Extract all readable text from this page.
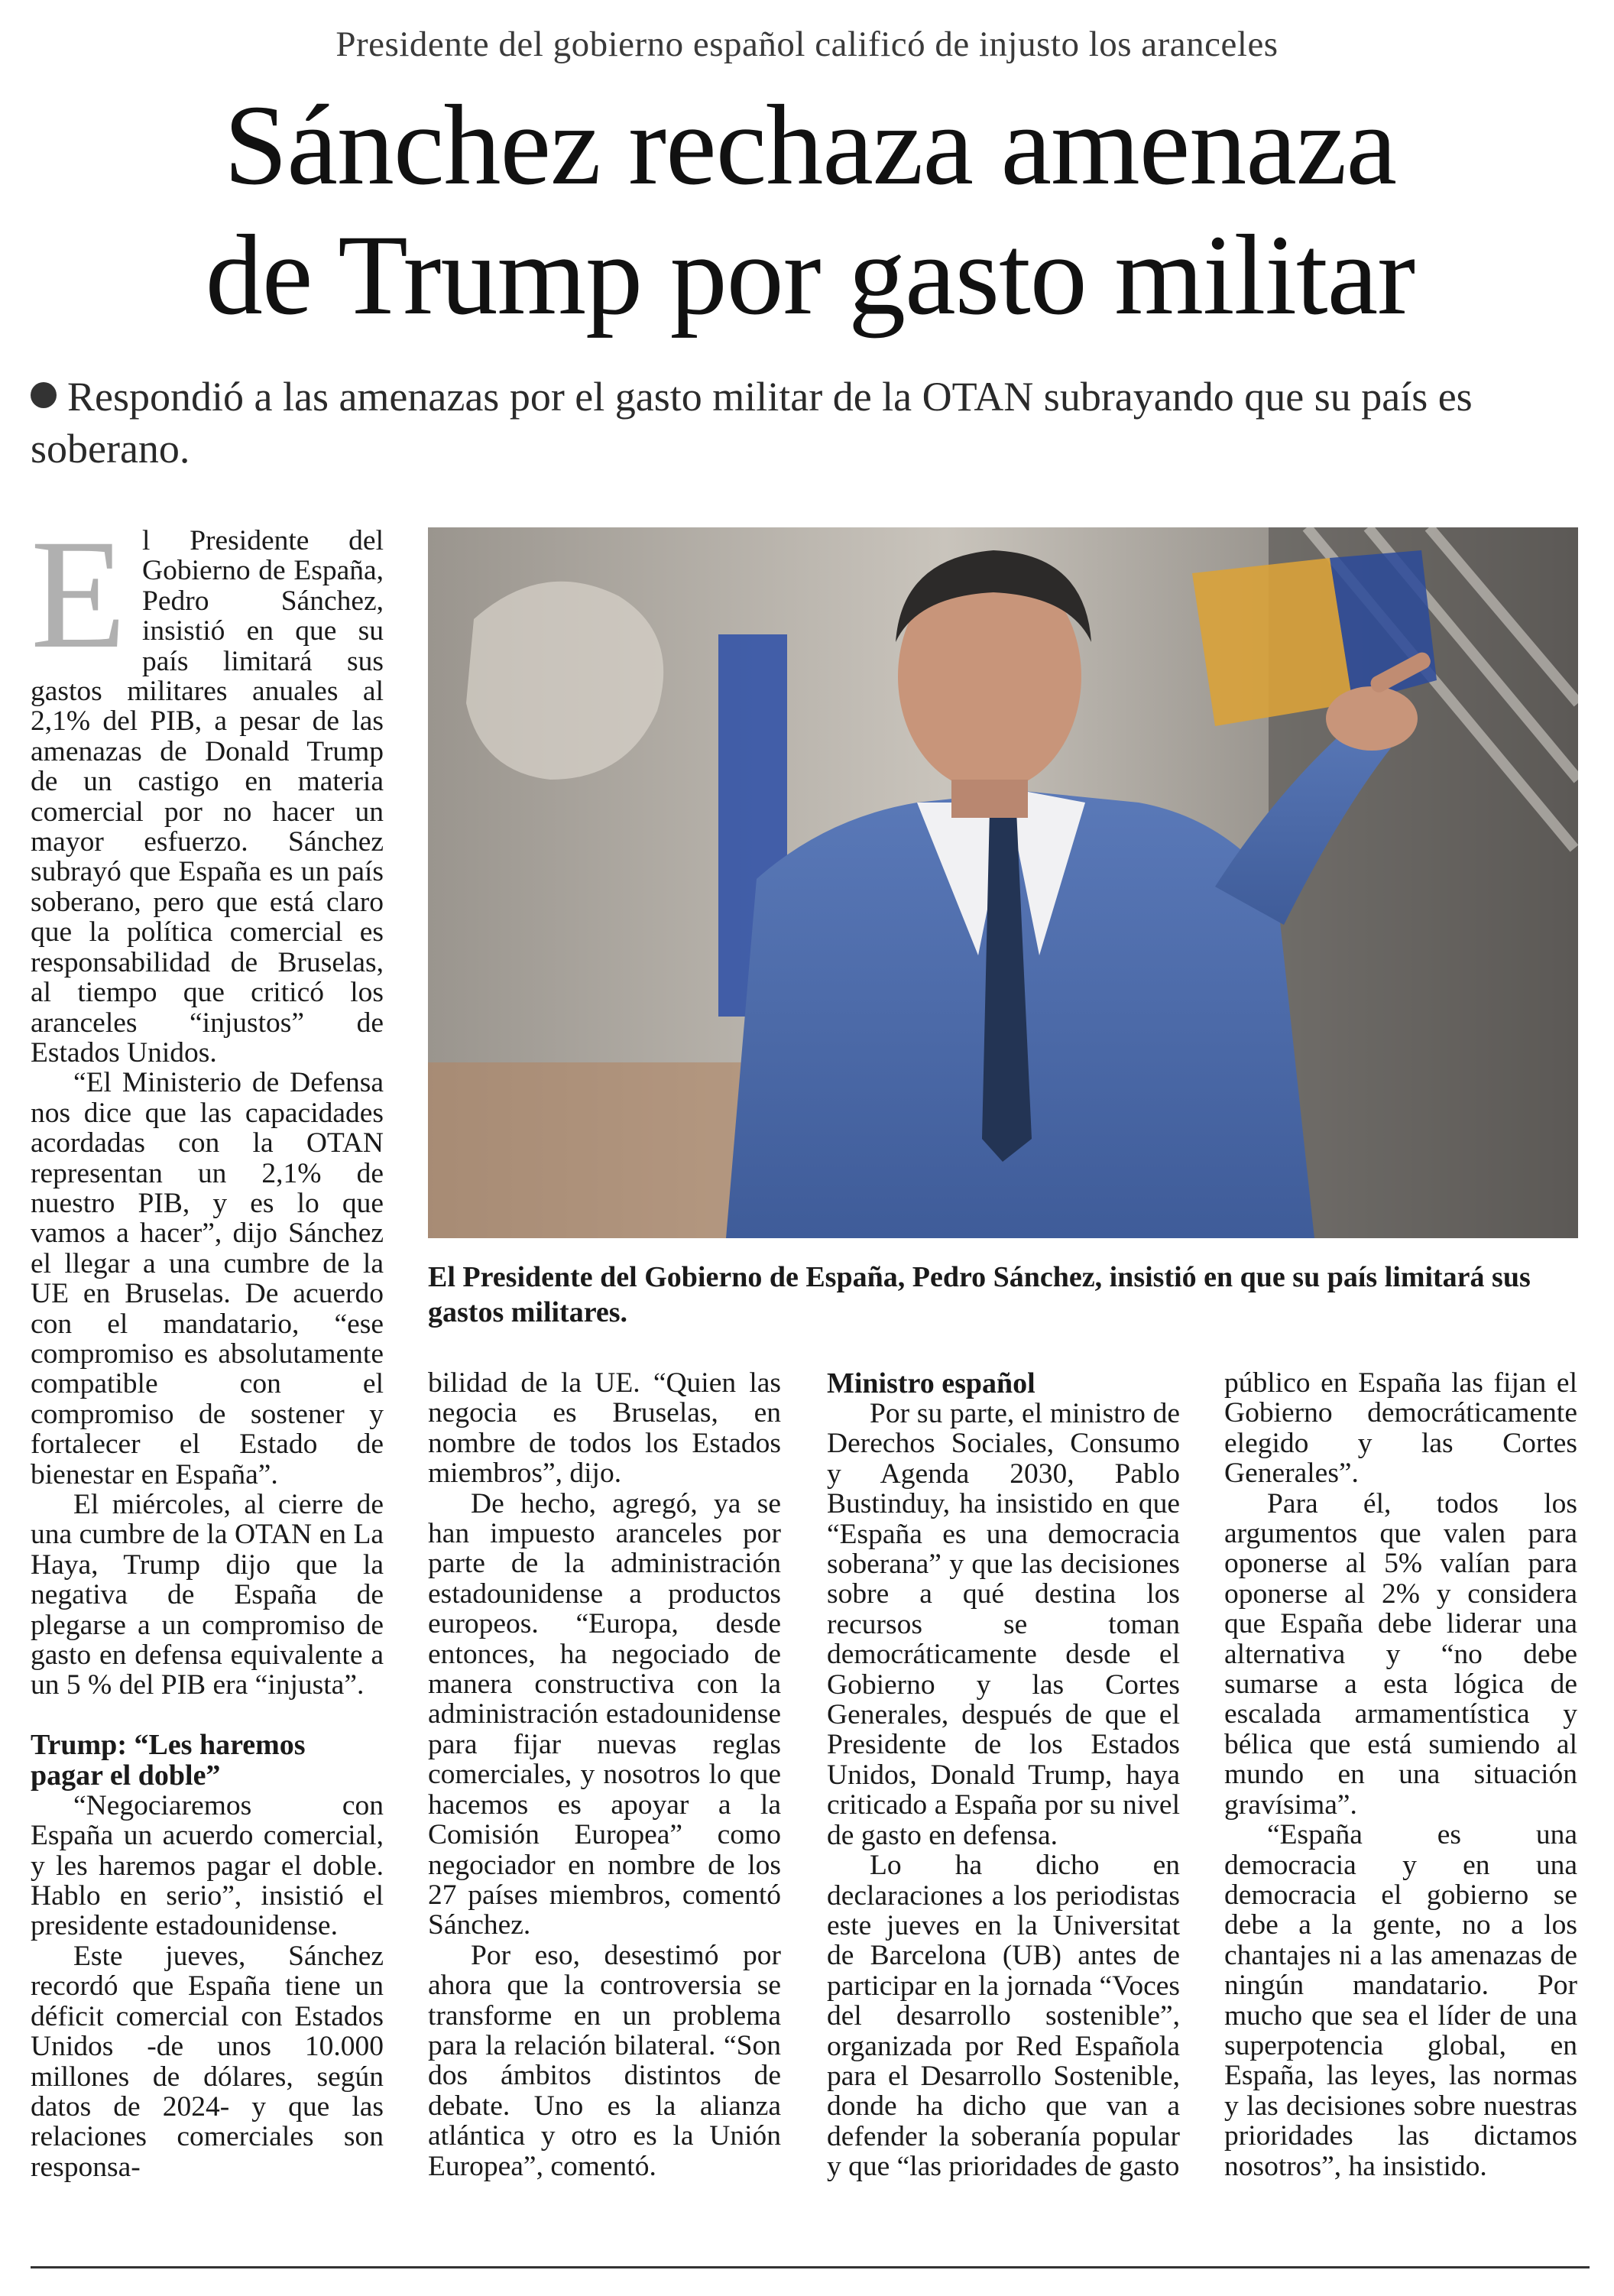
Presidente del gobierno español calificó de injusto los aranceles
Sánchez rechaza amenaza
de Trump por gasto militar
Respondió a las amenazas por el gasto militar de la OTAN subrayando que su país es soberano.

El Presidente del Gobierno de España, Pedro Sánchez, insistió en que su país limitará sus gastos militares anuales al 2,1% del PIB, a pesar de las amenazas de Donald Trump de un castigo en materia comercial por no hacer un mayor esfuerzo. Sánchez subrayó que España es un país soberano, pero que está claro que la política comercial es responsabilidad de Bruselas, al tiempo que criticó los aranceles “injustos” de Estados Unidos.

“El Ministerio de Defensa nos dice que las capacidades acordadas con la OTAN representan un 2,1% de nuestro PIB, y es lo que vamos a hacer”, dijo Sánchez el llegar a una cumbre de la UE en Bruselas. De acuerdo con el mandatario, “ese compromiso es absolutamente compatible con el compromiso de sostener y fortalecer el Estado de bienestar en España”.

El miércoles, al cierre de una cumbre de la OTAN en La Haya, Trump dijo que la negativa de España de plegarse a un compromiso de gasto en defensa equivalente a un 5 % del PIB era “injusta”.

Trump: “Les haremos pagar el doble”

“Negociaremos con España un acuerdo comercial, y les haremos pagar el doble. Hablo en serio”, insistió el presidente estadounidense.

Este jueves, Sánchez recordó que España tiene un déficit comercial con Estados Unidos -de unos 10.000 millones de dólares, según datos de 2024- y que las relaciones comerciales son responsa-

El Presidente del Gobierno de España, Pedro Sánchez, insistió en que su país limitará sus gastos militares.

bilidad de la UE. “Quien las negocia es Bruselas, en nombre de todos los Estados miembros”, dijo.

De hecho, agregó, ya se han impuesto aranceles por parte de la administración estadounidense a productos europeos. “Europa, desde entonces, ha negociado de manera constructiva con la administración estadounidense para fijar nuevas reglas comerciales, y nosotros lo que hacemos es apoyar a la Comisión Europea” como negociador en nombre de los 27 países miembros, comentó Sánchez.

Por eso, desestimó por ahora que la controversia se transforme en un problema para la relación bilateral. “Son dos ámbitos distintos de debate. Uno es la alianza atlántica y otro es la Unión Europea”, comentó.

Ministro español

Por su parte, el ministro de Derechos Sociales, Consumo y Agenda 2030, Pablo Bustinduy, ha insistido en que “España es una democracia soberana” y que las decisiones sobre a qué destina los recursos se toman democráticamente desde el Gobierno y las Cortes Generales, después de que el Presidente de los Estados Unidos, Donald Trump, haya criticado a España por su nivel de gasto en defensa.

Lo ha dicho en declaraciones a los periodistas este jueves en la Universitat de Barcelona (UB) antes de participar en la jornada “Voces del desarrollo sostenible”, organizada por Red Española para el Desarrollo Sostenible, donde ha dicho que van a defender la soberanía popular y que “las prioridades de gasto

público en España las fijan el Gobierno democráticamente elegido y las Cortes Generales”.

Para él, todos los argumentos que valen para oponerse al 5% valían para oponerse al 2% y considera que España debe liderar una alternativa y “no debe sumarse a esta lógica de escalada armamentística y bélica que está sumiendo al mundo en una situación gravísima”.

“España es una democracia y en una democracia el gobierno se debe a la gente, no a los chantajes ni a las amenazas de ningún mandatario. Por mucho que sea el líder de una superpotencia global, en España, las leyes, las normas y las decisiones sobre nuestras prioridades las dictamos nosotros”, ha insistido.
